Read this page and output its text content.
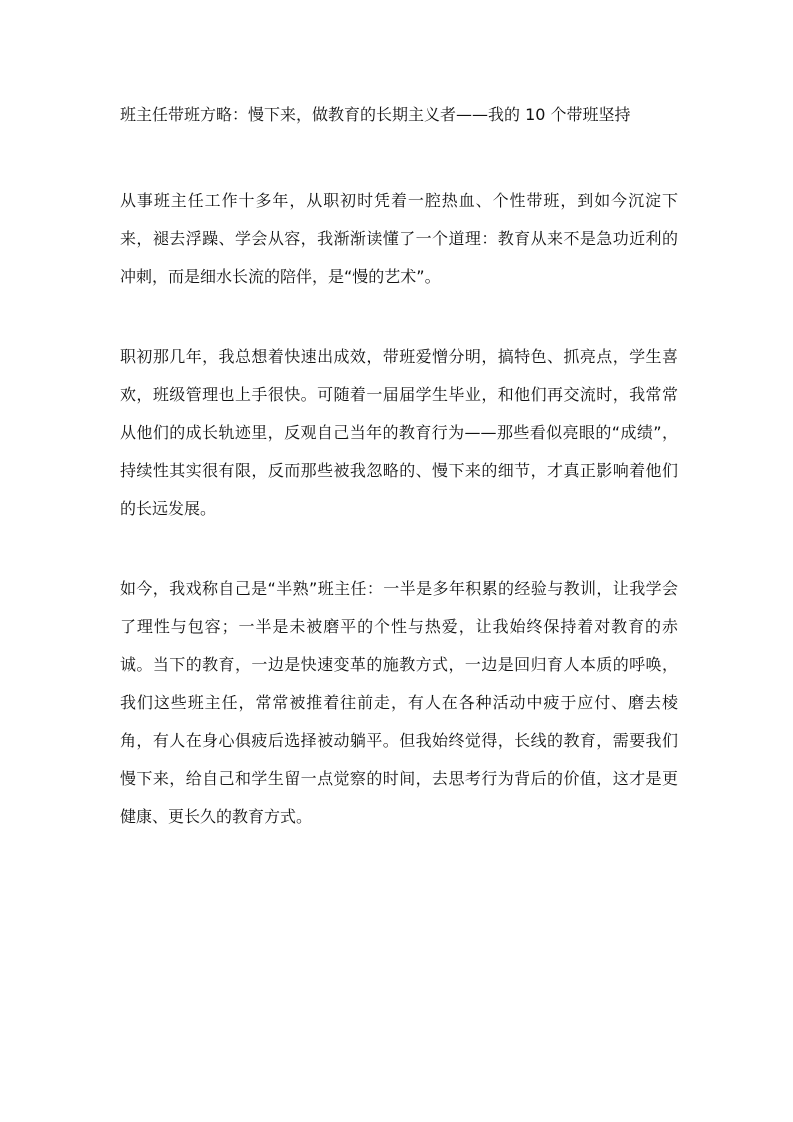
班主任带班方略：慢下来，做教育的长期主义者——我的 10 个带班坚持

从事班主任工作十多年，从职初时凭着一腔热血、个性带班，到如今沉淀下来，褪去浮躁、学会从容，我渐渐读懂了一个道理：教育从来不是急功近利的冲刺，而是细水长流的陪伴，是“慢的艺术”。

职初那几年，我总想着快速出成效，带班爱憎分明，搞特色、抓亮点，学生喜欢，班级管理也上手很快。可随着一届届学生毕业，和他们再交流时，我常常从他们的成长轨迹里，反观自己当年的教育行为——那些看似亮眼的“成绩”，持续性其实很有限，反而那些被我忽略的、慢下来的细节，才真正影响着他们的长远发展。

如今，我戏称自己是“半熟”班主任：一半是多年积累的经验与教训，让我学会了理性与包容；一半是未被磨平的个性与热爱，让我始终保持着对教育的赤诚。当下的教育，一边是快速变革的施教方式，一边是回归育人本质的呼唤，我们这些班主任，常常被推着往前走，有人在各种活动中疲于应付、磨去棱角，有人在身心俱疲后选择被动躺平。但我始终觉得，长线的教育，需要我们慢下来，给自己和学生留一点觉察的时间，去思考行为背后的价值，这才是更健康、更长久的教育方式。
